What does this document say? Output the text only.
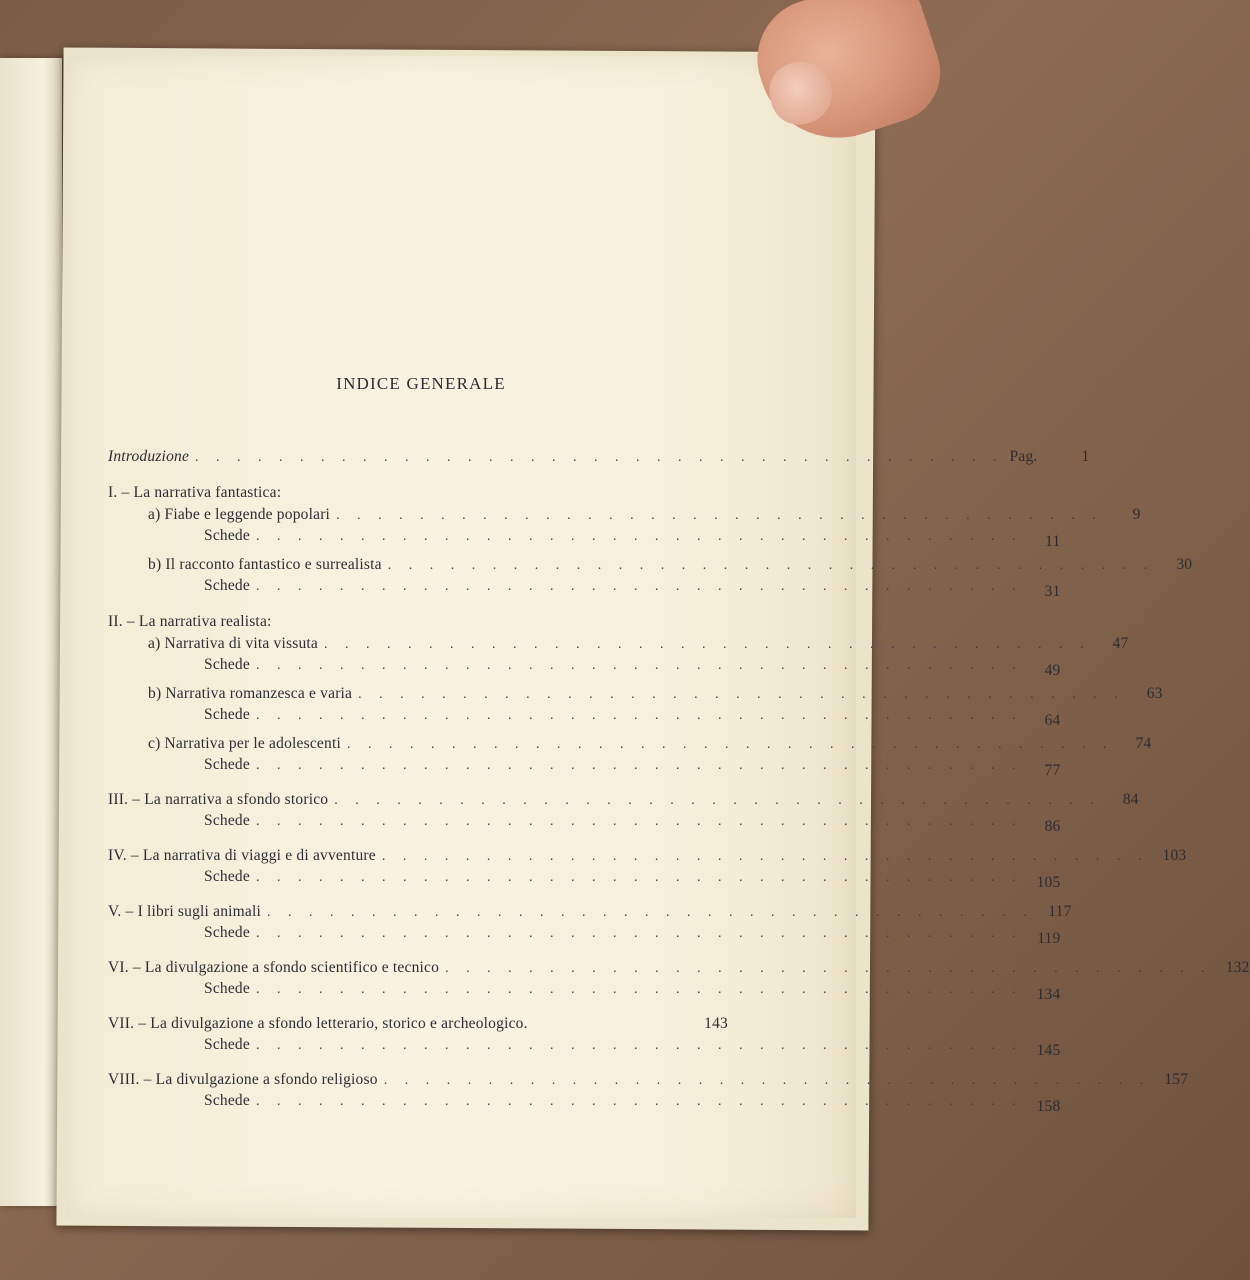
INDICE GENERALE
Introduzione . . . . . . . . . . . . . . . . . . . . . . . . . . . . . . . . . . . . . . . Pag.	1
I. – La narrativa fantastica:
a) Fiabe e leggende popolari . . . . . . . . . . . . . . . . . . . . . . . . . . . . . . . . . . . . .	9
Schede . . . . . . . . . . . . . . . . . . . . . . . . . . . . . . . . . . . . .	11
b) Il racconto fantastico e surrealista . . . . . . . . . . . . . . . . . . . . . . . . . . . . . . . . . . . . .	30
Schede . . . . . . . . . . . . . . . . . . . . . . . . . . . . . . . . . . . . .	31
II. – La narrativa realista:
a) Narrativa di vita vissuta . . . . . . . . . . . . . . . . . . . . . . . . . . . . . . . . . . . . .	47
Schede . . . . . . . . . . . . . . . . . . . . . . . . . . . . . . . . . . . . .	49
b) Narrativa romanzesca e varia . . . . . . . . . . . . . . . . . . . . . . . . . . . . . . . . . . . . .	63
Schede . . . . . . . . . . . . . . . . . . . . . . . . . . . . . . . . . . . . .	64
c) Narrativa per le adolescenti . . . . . . . . . . . . . . . . . . . . . . . . . . . . . . . . . . . . .	74
Schede . . . . . . . . . . . . . . . . . . . . . . . . . . . . . . . . . . . . .	77
III. – La narrativa a sfondo storico . . . . . . . . . . . . . . . . . . . . . . . . . . . . . . . . . . . . .	84
Schede . . . . . . . . . . . . . . . . . . . . . . . . . . . . . . . . . . . . .	86
IV. – La narrativa di viaggi e di avventure . . . . . . . . . . . . . . . . . . . . . . . . . . . . . . . . . . . . . 103
Schede . . . . . . . . . . . . . . . . . . . . . . . . . . . . . . . . . . . . . 105
V. – I libri sugli animali . . . . . . . . . . . . . . . . . . . . . . . . . . . . . . . . . . . . . 117
Schede . . . . . . . . . . . . . . . . . . . . . . . . . . . . . . . . . . . . . 119
VI. – La divulgazione a sfondo scientifico e tecnico . . . . . . . . . . . . . . . . . . . . . . . . . . . . . . . . . . . . . 132
Schede . . . . . . . . . . . . . . . . . . . . . . . . . . . . . . . . . . . . . 134
VII. – La divulgazione a sfondo letterario, storico e archeologico.	143
Schede . . . . . . . . . . . . . . . . . . . . . . . . . . . . . . . . . . . . . 145
VIII. – La divulgazione a sfondo religioso . . . . . . . . . . . . . . . . . . . . . . . . . . . . . . . . . . . . . 157
Schede . . . . . . . . . . . . . . . . . . . . . . . . . . . . . . . . . . . . . 158
